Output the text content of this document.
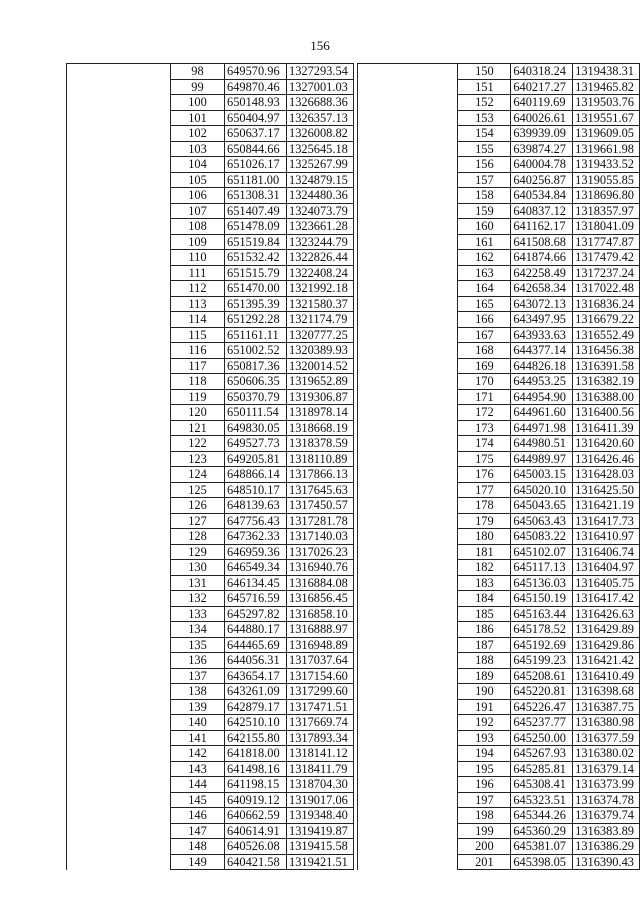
156
	98	649570.96	1327293.54
	99	649870.46	1327001.03
	100	650148.93	1326688.36
	101	650404.97	1326357.13
	102	650637.17	1326008.82
	103	650844.66	1325645.18
	104	651026.17	1325267.99
	105	651181.00	1324879.15
	106	651308.31	1324480.36
	107	651407.49	1324073.79
	108	651478.09	1323661.28
	109	651519.84	1323244.79
	110	651532.42	1322826.44
	111	651515.79	1322408.24
	112	651470.00	1321992.18
	113	651395.39	1321580.37
	114	651292.28	1321174.79
	115	651161.11	1320777.25
	116	651002.52	1320389.93
	117	650817.36	1320014.52
	118	650606.35	1319652.89
	119	650370.79	1319306.87
	120	650111.54	1318978.14
	121	649830.05	1318668.19
	122	649527.73	1318378.59
	123	649205.81	1318110.89
	124	648866.14	1317866.13
	125	648510.17	1317645.63
	126	648139.63	1317450.57
	127	647756.43	1317281.78
	128	647362.33	1317140.03
	129	646959.36	1317026.23
	130	646549.34	1316940.76
	131	646134.45	1316884.08
	132	645716.59	1316856.45
	133	645297.82	1316858.10
	134	644880.17	1316888.97
	135	644465.69	1316948.89
	136	644056.31	1317037.64
	137	643654.17	1317154.60
	138	643261.09	1317299.60
	139	642879.17	1317471.51
	140	642510.10	1317669.74
	141	642155.80	1317893.34
	142	641818.00	1318141.12
	143	641498.16	1318411.79
	144	641198.15	1318704.30
	145	640919.12	1319017.06
	146	640662.59	1319348.40
	147	640614.91	1319419.87
	148	640526.08	1319415.58
	149	640421.58	1319421.51
	150	640318.24	1319438.31
	151	640217.27	1319465.82
	152	640119.69	1319503.76
	153	640026.61	1319551.67
	154	639939.09	1319609.05
	155	639874.27	1319661.98
	156	640004.78	1319433.52
	157	640256.87	1319055.85
	158	640534.84	1318696.80
	159	640837.12	1318357.97
	160	641162.17	1318041.09
	161	641508.68	1317747.87
	162	641874.66	1317479.42
	163	642258.49	1317237.24
	164	642658.34	1317022.48
	165	643072.13	1316836.24
	166	643497.95	1316679.22
	167	643933.63	1316552.49
	168	644377.14	1316456.38
	169	644826.18	1316391.58
	170	644953.25	1316382.19
	171	644954.90	1316388.00
	172	644961.60	1316400.56
	173	644971.98	1316411.39
	174	644980.51	1316420.60
	175	644989.97	1316426.46
	176	645003.15	1316428.03
	177	645020.10	1316425.50
	178	645043.65	1316421.19
	179	645063.43	1316417.73
	180	645083.22	1316410.97
	181	645102.07	1316406.74
	182	645117.13	1316404.97
	183	645136.03	1316405.75
	184	645150.19	1316417.42
	185	645163.44	1316426.63
	186	645178.52	1316429.89
	187	645192.69	1316429.86
	188	645199.23	1316421.42
	189	645208.61	1316410.49
	190	645220.81	1316398.68
	191	645226.47	1316387.75
	192	645237.77	1316380.98
	193	645250.00	1316377.59
	194	645267.93	1316380.02
	195	645285.81	1316379.14
	196	645308.41	1316373.99
	197	645323.51	1316374.78
	198	645344.26	1316379.74
	199	645360.29	1316383.89
	200	645381.07	1316386.29
	201	645398.05	1316390.43
